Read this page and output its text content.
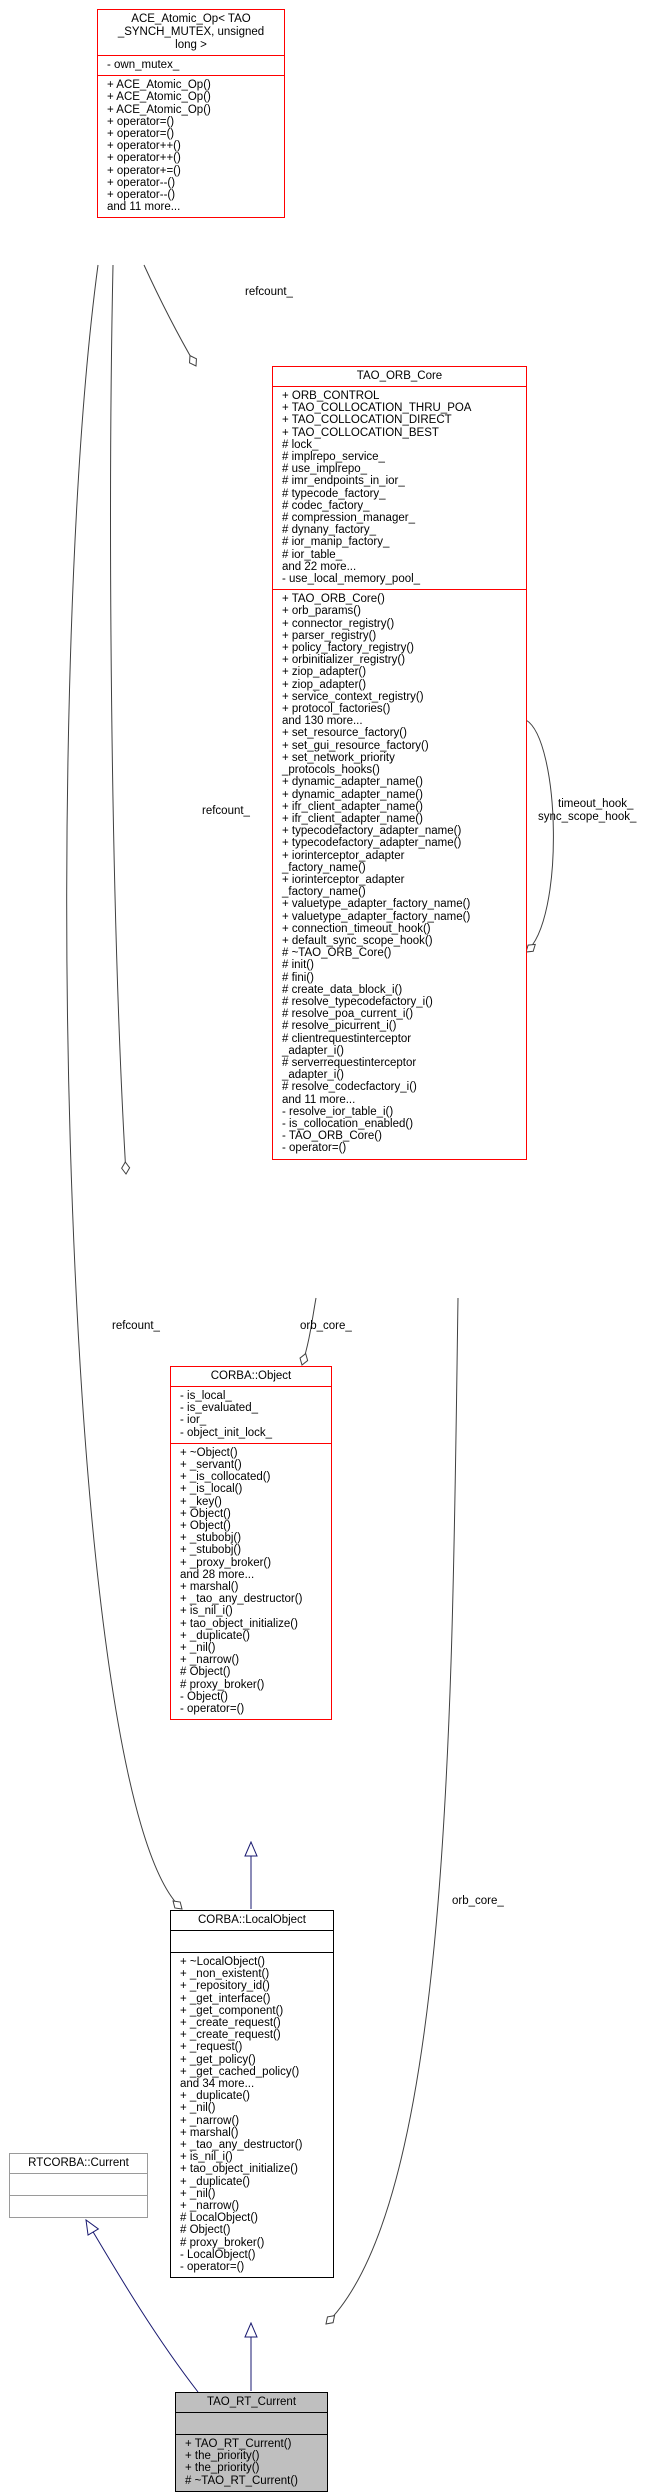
ACE_Atomic_Op< TAO
_SYNCH_MUTEX, unsigned
long >
- own_mutex_
+ ACE_Atomic_Op()
+ ACE_Atomic_Op()
+ ACE_Atomic_Op()
+ operator=()
+ operator=()
+ operator++()
+ operator++()
+ operator+=()
+ operator--()
+ operator--()
and 11 more...
TAO_ORB_Core
+ ORB_CONTROL
+ TAO_COLLOCATION_THRU_POA
+ TAO_COLLOCATION_DIRECT
+ TAO_COLLOCATION_BEST
# lock_
# implrepo_service_
# use_implrepo_
# imr_endpoints_in_ior_
# typecode_factory_
# codec_factory_
# compression_manager_
# dynany_factory_
# ior_manip_factory_
# ior_table_
and 22 more...
- use_local_memory_pool_
+ TAO_ORB_Core()
+ orb_params()
+ connector_registry()
+ parser_registry()
+ policy_factory_registry()
+ orbinitializer_registry()
+ ziop_adapter()
+ ziop_adapter()
+ service_context_registry()
+ protocol_factories()
and 130 more...
+ set_resource_factory()
+ set_gui_resource_factory()
+ set_network_priority
_protocols_hooks()
+ dynamic_adapter_name()
+ dynamic_adapter_name()
+ ifr_client_adapter_name()
+ ifr_client_adapter_name()
+ typecodefactory_adapter_name()
+ typecodefactory_adapter_name()
+ iorinterceptor_adapter
_factory_name()
+ iorinterceptor_adapter
_factory_name()
+ valuetype_adapter_factory_name()
+ valuetype_adapter_factory_name()
+ connection_timeout_hook()
+ default_sync_scope_hook()
# ~TAO_ORB_Core()
# init()
# fini()
# create_data_block_i()
# resolve_typecodefactory_i()
# resolve_poa_current_i()
# resolve_picurrent_i()
# clientrequestinterceptor
_adapter_i()
# serverrequestinterceptor
_adapter_i()
# resolve_codecfactory_i()
and 11 more...
- resolve_ior_table_i()
- is_collocation_enabled()
- TAO_ORB_Core()
- operator=()
CORBA::Object
- is_local_
- is_evaluated_
- ior_
- object_init_lock_
+ ~Object()
+ _servant()
+ _is_collocated()
+ _is_local()
+ _key()
+ Object()
+ Object()
+ _stubobj()
+ _stubobj()
+ _proxy_broker()
and 28 more...
+ marshal()
+ _tao_any_destructor()
+ is_nil_i()
+ tao_object_initialize()
+ _duplicate()
+ _nil()
+ _narrow()
# Object()
# proxy_broker()
- Object()
- operator=()
CORBA::LocalObject
+ ~LocalObject()
+ _non_existent()
+ _repository_id()
+ _get_interface()
+ _get_component()
+ _create_request()
+ _create_request()
+ _request()
+ _get_policy()
+ _get_cached_policy()
and 34 more...
+ _duplicate()
+ _nil()
+ _narrow()
+ marshal()
+ _tao_any_destructor()
+ is_nil_i()
+ tao_object_initialize()
+ _duplicate()
+ _nil()
+ _narrow()
# LocalObject()
# Object()
# proxy_broker()
- LocalObject()
- operator=()
RTCORBA::Current
TAO_RT_Current
+ TAO_RT_Current()
+ the_priority()
+ the_priority()
# ~TAO_RT_Current()
refcount_
refcount_
refcount_
timeout_hook_
sync_scope_hook_
orb_core_
orb_core_
